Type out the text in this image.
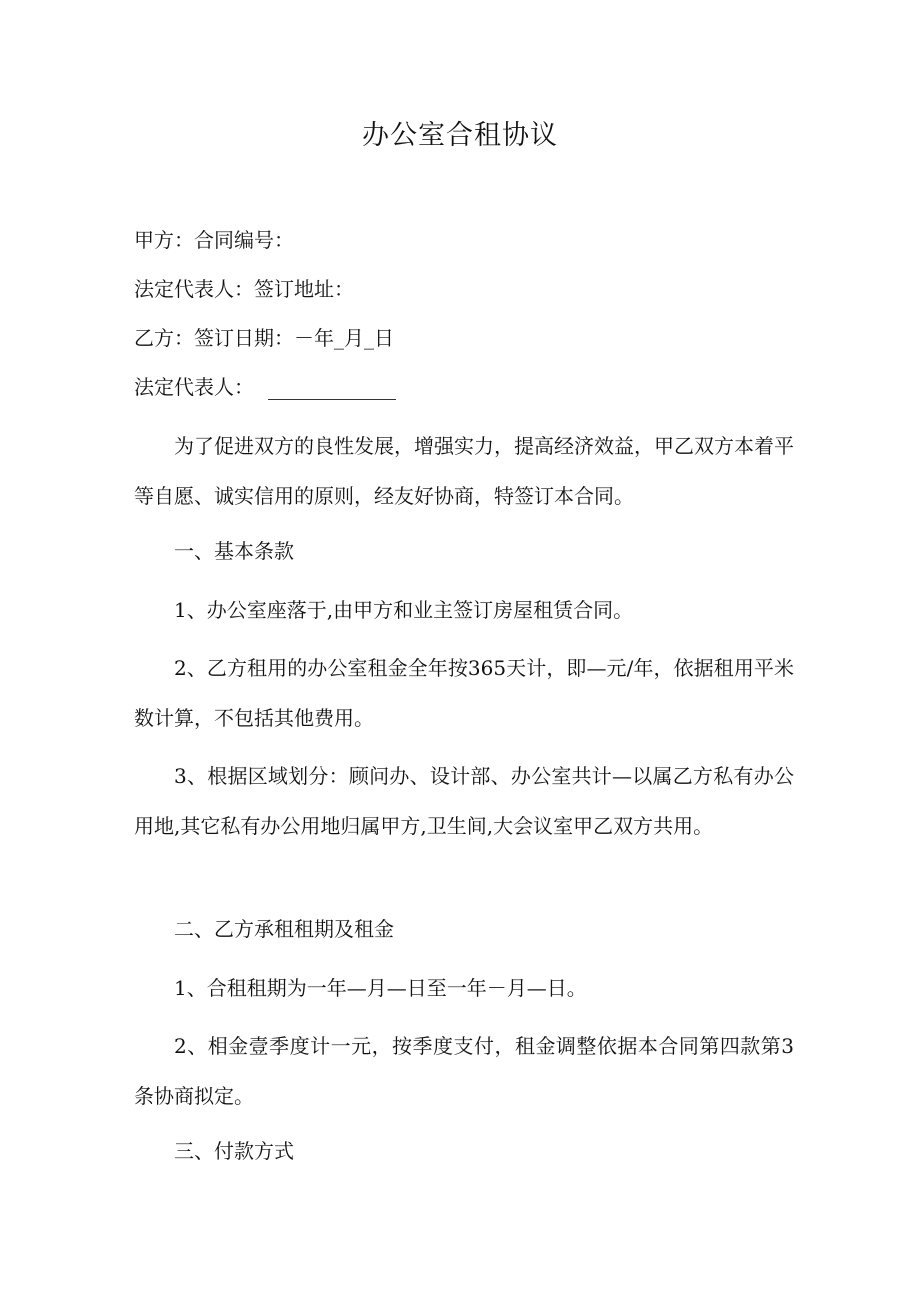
办公室合租协议
甲方：合同编号：
法定代表人：签订地址：
乙方：签订日期：－年_月_日
法定代表人：
为了促进双方的良性发展，增强实力，提高经济效益，甲乙双方本着平等自愿、诚实信用的原则，经友好协商，特签订本合同。
一、基本条款
1、办公室座落于,由甲方和业主签订房屋租赁合同。
2、乙方租用的办公室租金全年按365天计，即—元/年，依据租用平米数计算，不包括其他费用。
3、根据区域划分：顾问办、设计部、办公室共计—以属乙方私有办公用地,其它私有办公用地归属甲方,卫生间,大会议室甲乙双方共用。
二、乙方承租租期及租金
1、合租租期为一年—月—日至一年－月—日。
2、相金壹季度计一元，按季度支付，租金调整依据本合同第四款第3条协商拟定。
三、付款方式
